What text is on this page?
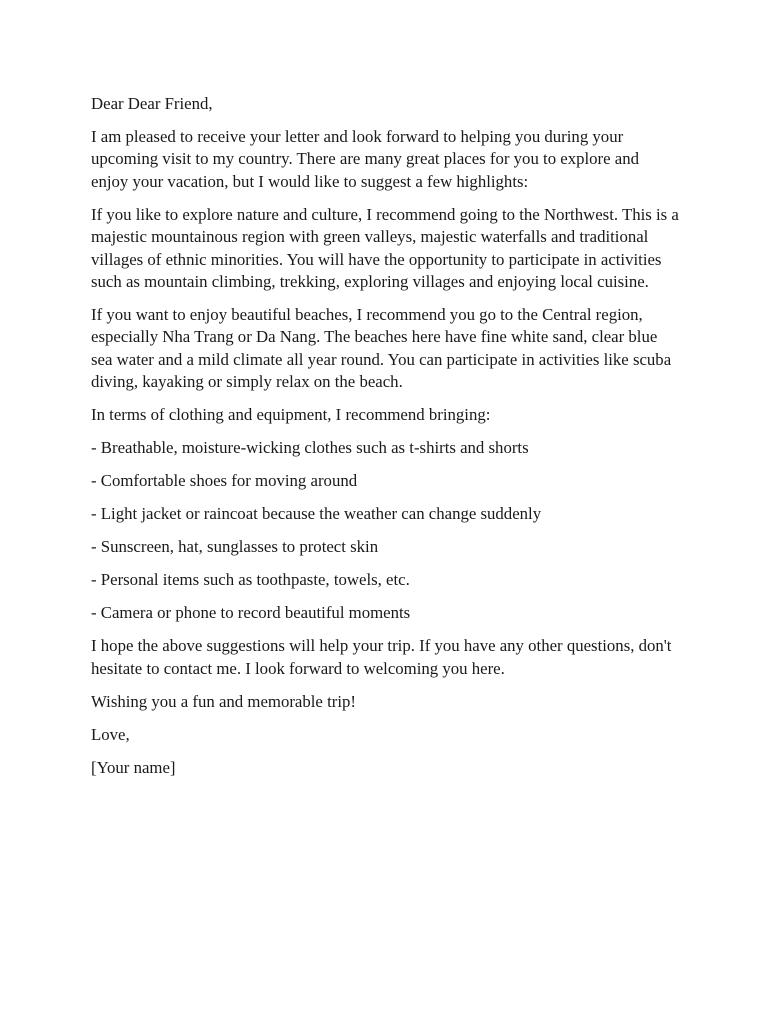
Dear Dear Friend,

I am pleased to receive your letter and look forward to helping you during your upcoming visit to my country. There are many great places for you to explore and enjoy your vacation, but I would like to suggest a few highlights:

If you like to explore nature and culture, I recommend going to the Northwest. This is a majestic mountainous region with green valleys, majestic waterfalls and traditional villages of ethnic minorities. You will have the opportunity to participate in activities such as mountain climbing, trekking, exploring villages and enjoying local cuisine.

If you want to enjoy beautiful beaches, I recommend you go to the Central region, especially Nha Trang or Da Nang. The beaches here have fine white sand, clear blue sea water and a mild climate all year round. You can participate in activities like scuba diving, kayaking or simply relax on the beach.

In terms of clothing and equipment, I recommend bringing:

- Breathable, moisture-wicking clothes such as t-shirts and shorts

- Comfortable shoes for moving around

- Light jacket or raincoat because the weather can change suddenly

- Sunscreen, hat, sunglasses to protect skin

- Personal items such as toothpaste, towels, etc.

- Camera or phone to record beautiful moments

I hope the above suggestions will help your trip. If you have any other questions, don't hesitate to contact me. I look forward to welcoming you here.

Wishing you a fun and memorable trip!

Love,

[Your name]
